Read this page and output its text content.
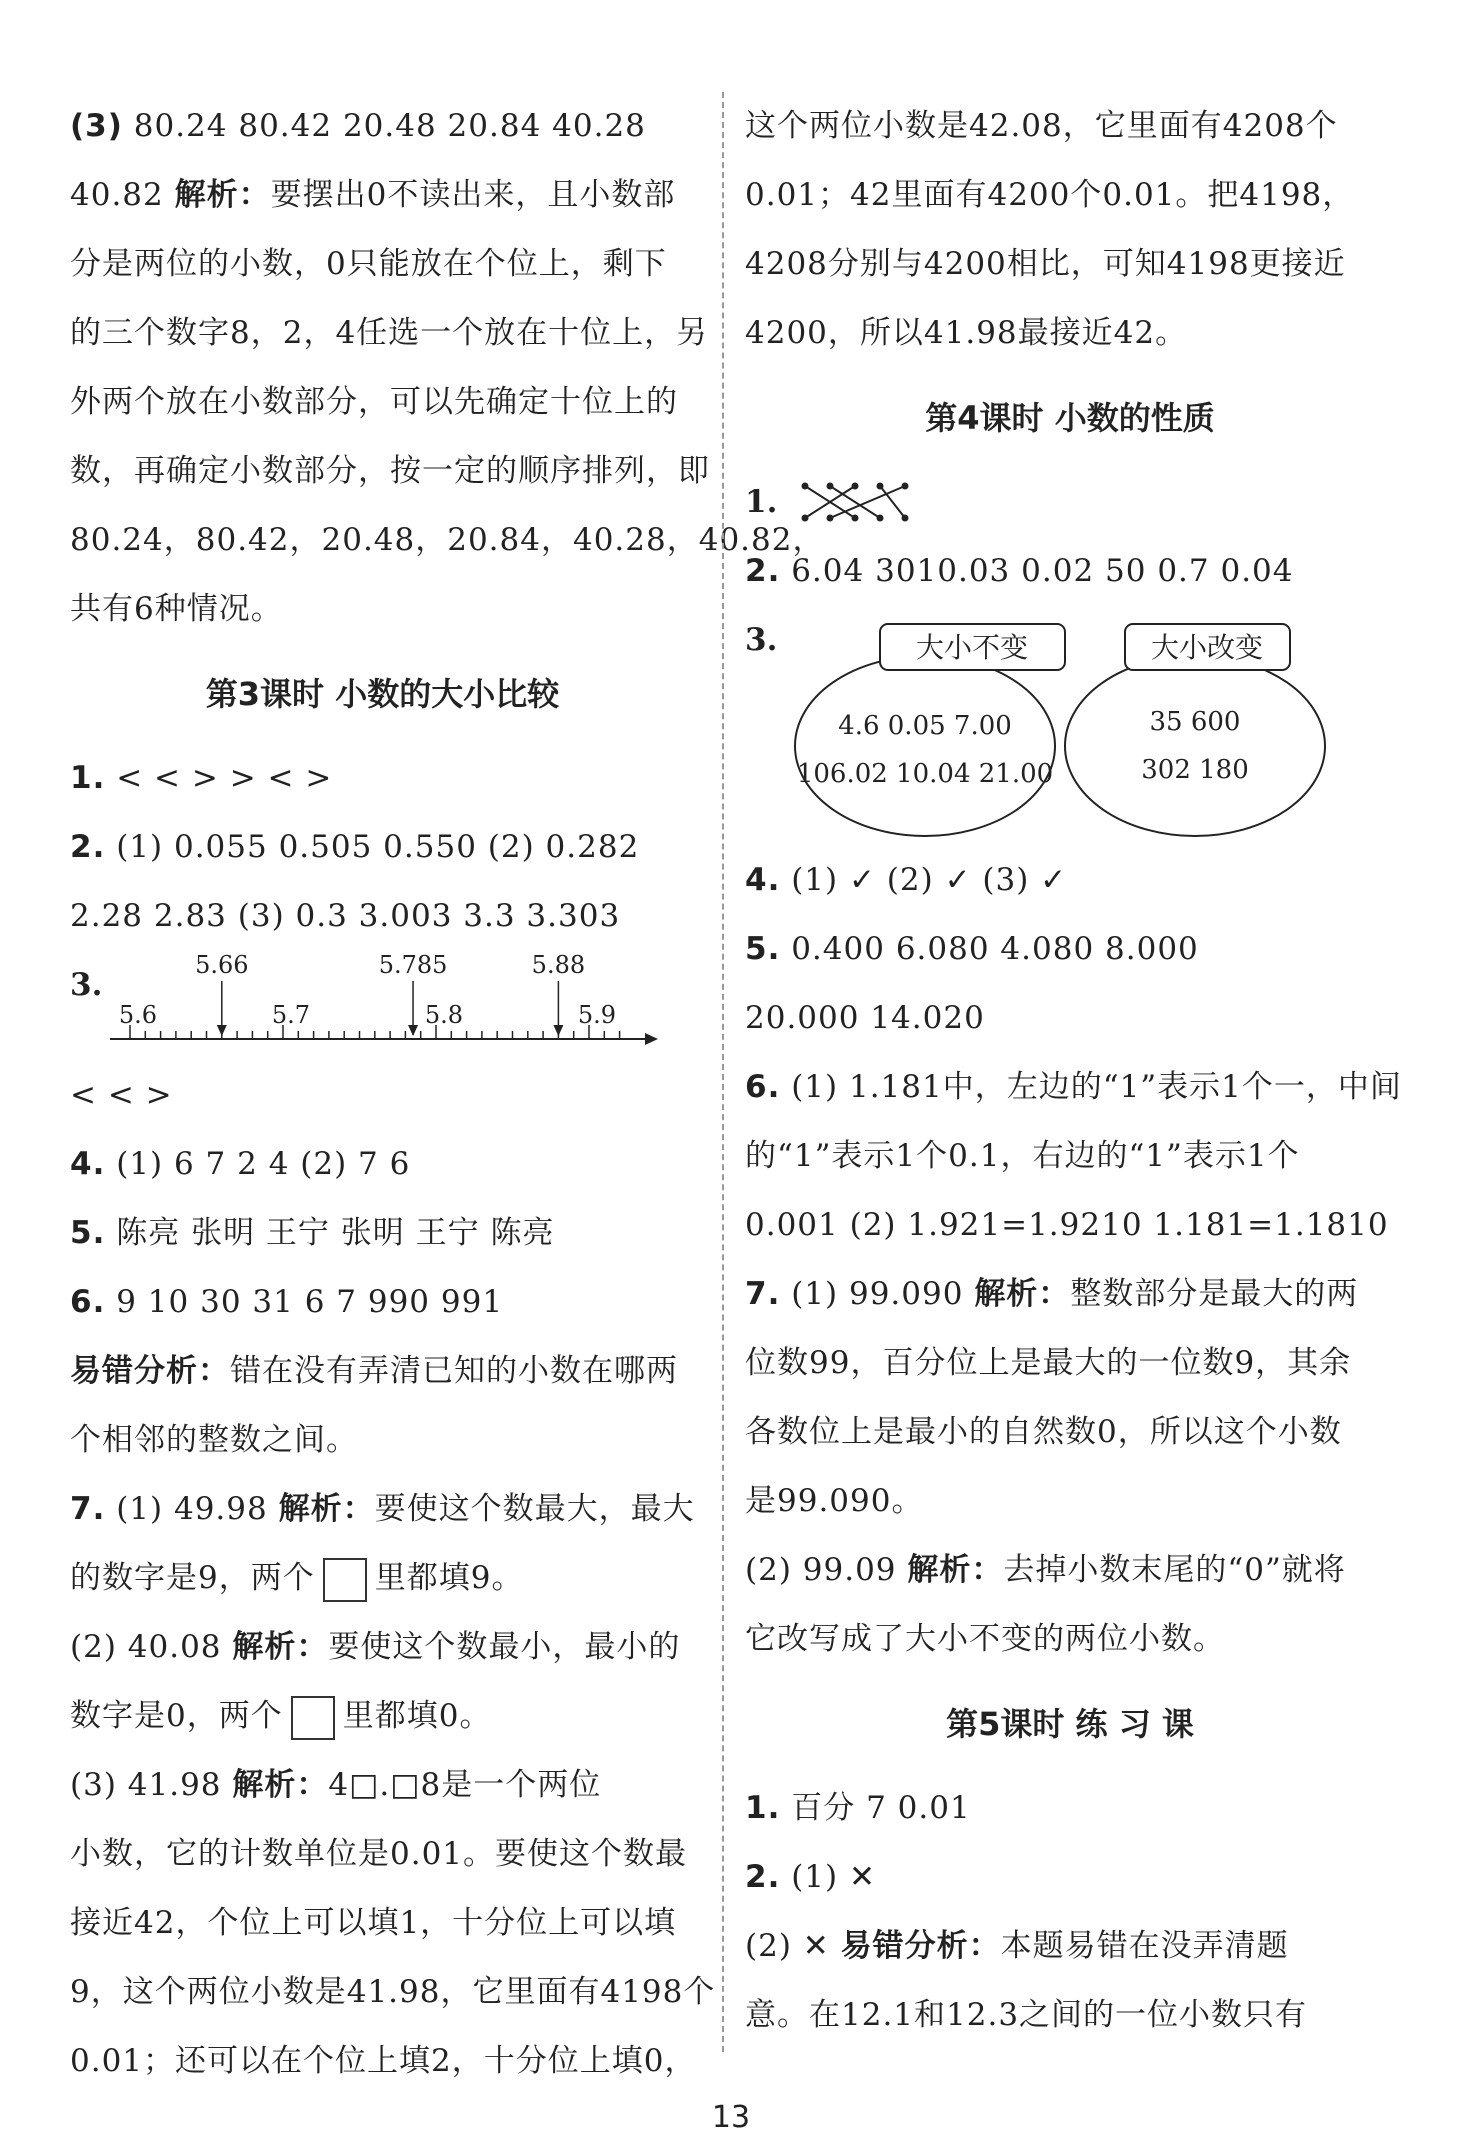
(3) 80.24 80.42 20.48 20.84 40.28
40.82 解析：要摆出0不读出来，且小数部
分是两位的小数，0只能放在个位上，剩下
的三个数字8，2，4任选一个放在十位上，另
外两个放在小数部分，可以先确定十位上的
数，再确定小数部分，按一定的顺序排列，即
80.24，80.42，20.48，20.84，40.28，40.82，
共有6种情况。
第3课时 小数的大小比较
1. < < > > < >
2. (1) 0.055 0.505 0.550 (2) 0.282
2.28 2.83 (3) 0.3 3.003 3.3 3.303
3.
5.6	5.7	5.8	5.9
5.66	5.785	5.88
< < >
4. (1) 6 7 2 4 (2) 7 6
5. 陈亮 张明 王宁 张明 王宁 陈亮
6. 9 10 30 31 6 7 990 991
易错分析：错在没有弄清已知的小数在哪两
个相邻的整数之间。
7. (1) 49.98 解析：要使这个数最大，最大
的数字是9，两个 里都填9。
(2) 40.08 解析：要使这个数最小，最小的
数字是0，两个 里都填0。
(3) 41.98 解析：4□.□8是一个两位
小数，它的计数单位是0.01。要使这个数最
接近42，个位上可以填1，十分位上可以填
9，这个两位小数是41.98，它里面有4198个
0.01；还可以在个位上填2，十分位上填0，
这个两位小数是42.08，它里面有4208个
0.01；42里面有4200个0.01。把4198，
4208分别与4200相比，可知4198更接近
4200，所以41.98最接近42。
第4课时 小数的性质
1.
2. 6.04 3010.03 0.02 50 0.7 0.04
3.	大小不变	大小改变
4.6 0.05 7.00
106.02 10.04 21.00
35 600
302 180
4. (1) ✓ (2) ✓ (3) ✓
5. 0.400 6.080 4.080 8.000
20.000 14.020
6. (1) 1.181中，左边的“1”表示1个一，中间
的“1”表示1个0.1，右边的“1”表示1个
0.001 (2) 1.921=1.9210 1.181=1.1810
7. (1) 99.090 解析：整数部分是最大的两
位数99，百分位上是最大的一位数9，其余
各数位上是最小的自然数0，所以这个小数
是99.090。
(2) 99.09 解析：去掉小数末尾的“0”就将
它改写成了大小不变的两位小数。
第5课时 练 习 课
1. 百分 7 0.01
2. (1) ✕
(2) ✕ 易错分析：本题易错在没弄清题
意。在12.1和12.3之间的一位小数只有
13
